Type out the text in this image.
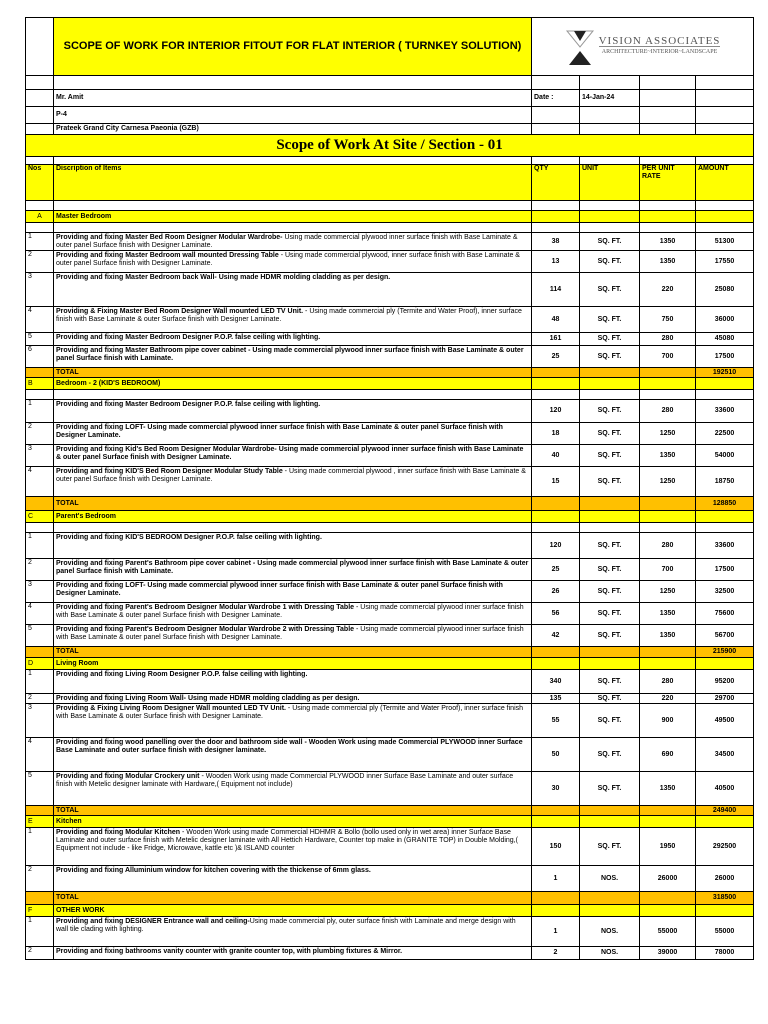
	SCOPE OF WORK FOR INTERIOR FITOUT FOR FLAT INTERIOR ( TURNKEY SOLUTION)	VISION ASSOCIATES
ARCHITECTURE~INTERIOR~LANDSCAPE			

	Mr. Amit	Date :	14-Jan-24		
	P-4				
	Prateek Grand City Carnesa Paeonia (GZB)				
Scope of Work At Site / Section - 01					

Nos	Discription of Items	QTY	UNIT	PER UNIT RATE	AMOUNT

A	Master Bedroom				

1	Providing and fixing Master Bed Room Designer Modular Wardrobe- Using made commercial plywood inner surface finish with Base Laminate & outer panel Surface finish with Designer Laminate.	38	SQ. FT.	1350	51300
2	Providing and fixing Master Bedroom wall mounted Dressing Table - Using made commercial plywood, inner surface finish with Base Laminate & outer panel Surface finish with Designer Laminate.	13	SQ. FT.	1350	17550
3	Providing and fixing Master Bedroom back Wall- Using made HDMR molding cladding as per design.	114	SQ. FT.	220	25080
4	Providing & Fixing Master Bed Room Designer Wall mounted LED TV Unit. - Using made commercial ply (Termite and Water Proof), inner surface finish with Base Laminate & outer Surface finish with Designer Laminate.	48	SQ. FT.	750	36000
5	Providing and fixing Master Bedroom Designer P.O.P. false ceiling with lighting.	161	SQ. FT.	280	45080
6	Providing and fixing Master Bathroom pipe cover cabinet - Using made commercial plywood inner surface finish with Base Laminate & outer panel Surface finish with Laminate.	25	SQ. FT.	700	17500
	TOTAL				192510
B	Bedroom - 2 (KID'S BEDROOM)				

1	Providing and fixing Master Bedroom Designer P.O.P. false ceiling with lighting.	120	SQ. FT.	280	33600
2	Providing and fixing LOFT- Using made commercial plywood inner surface finish with Base Laminate & outer panel Surface finish with Designer Laminate.	18	SQ. FT.	1250	22500
3	Providing and fixing Kid's Bed Room Designer Modular Wardrobe- Using made commercial plywood inner surface finish with Base Laminate & outer panel Surface finish with Designer Laminate.	40	SQ. FT.	1350	54000
4	Providing and fixing KID'S Bed Room Designer Modular Study Table - Using made commercial plywood , inner surface finish with Base Laminate & outer panel Surface finish with Designer Laminate.	15	SQ. FT.	1250	18750
	TOTAL				128850
C	Parent's Bedroom				

1	Providing and fixing KID'S BEDROOM Designer P.O.P. false ceiling with lighting.	120	SQ. FT.	280	33600
2	Providing and fixing Parent's Bathroom pipe cover cabinet - Using made commercial plywood inner surface finish with Base Laminate & outer panel Surface finish with Laminate.	25	SQ. FT.	700	17500
3	Providing and fixing LOFT- Using made commercial plywood inner surface finish with Base Laminate & outer panel Surface finish with Designer Laminate.	26	SQ. FT.	1250	32500
4	Providing and fixing Parent's Bedroom Designer Modular Wardrobe 1 with Dressing Table - Using made commercial plywood inner surface finish with Base Laminate & outer panel Surface finish with Designer Laminate.	56	SQ. FT.	1350	75600
5	Providing and fixing Parent's Bedroom Designer Modular Wardrobe 2 with Dressing Table - Using made commercial plywood inner surface finish with Base Laminate & outer panel Surface finish with Designer Laminate.	42	SQ. FT.	1350	56700
	TOTAL				215900
D	Living Room				
1	Providing and fixing Living Room Designer P.O.P. false ceiling with lighting.	340	SQ. FT.	280	95200
2	Providing and fixing Living Room Wall- Using made HDMR molding cladding as per design.	135	SQ. FT.	220	29700
3	Providing & Fixing Living Room Designer Wall mounted LED TV Unit. - Using made commercial ply (Termite and Water Proof), inner surface finish with Base Laminate & outer Surface finish with Designer Laminate.	55	SQ. FT.	900	49500
4	Providing and fixing wood panelling over the door and bathroom side wall - Wooden Work using made Commercial PLYWOOD inner Surface Base Laminate and outer surface finish with designer laminate.	50	SQ. FT.	690	34500
5	Providing and fixing Modular Crockery unit - Wooden Work using made Commercial PLYWOOD inner Surface Base Laminate and outer surface finish with Metelic designer laminate with Hardware,( Equipment not include)	30	SQ. FT.	1350	40500
	TOTAL				249400
E	Kitchen				
1	Providing and fixing Modular Kitchen - Wooden Work using made Commercial HDHMR & Bollo (bollo used only in wet area) inner Surface Base Laminate and outer surface finish with Metelic designer laminate with All Hettich Hardware, Counter top make in (GRANITE TOP) in Double Molding,( Equipment not include - like Fridge, Microwave, kattle etc )& ISLAND counter	150	SQ. FT.	1950	292500
2	Providing and fixing Alluminium window for kitchen covering with the thickense of 6mm glass.	1	NOS.	26000	26000
	TOTAL				318500
F	OTHER WORK				
1	Providing and fixing DESIGNER Entrance wall and ceiling-Using made commercial ply, outer surface finish with Laminate and merge design with wall tile clading with lighting.	1	NOS.	55000	55000
2	Providing and fixing bathrooms vanity counter with granite counter top, with plumbing fixtures & Mirror.	2	NOS.	39000	78000
